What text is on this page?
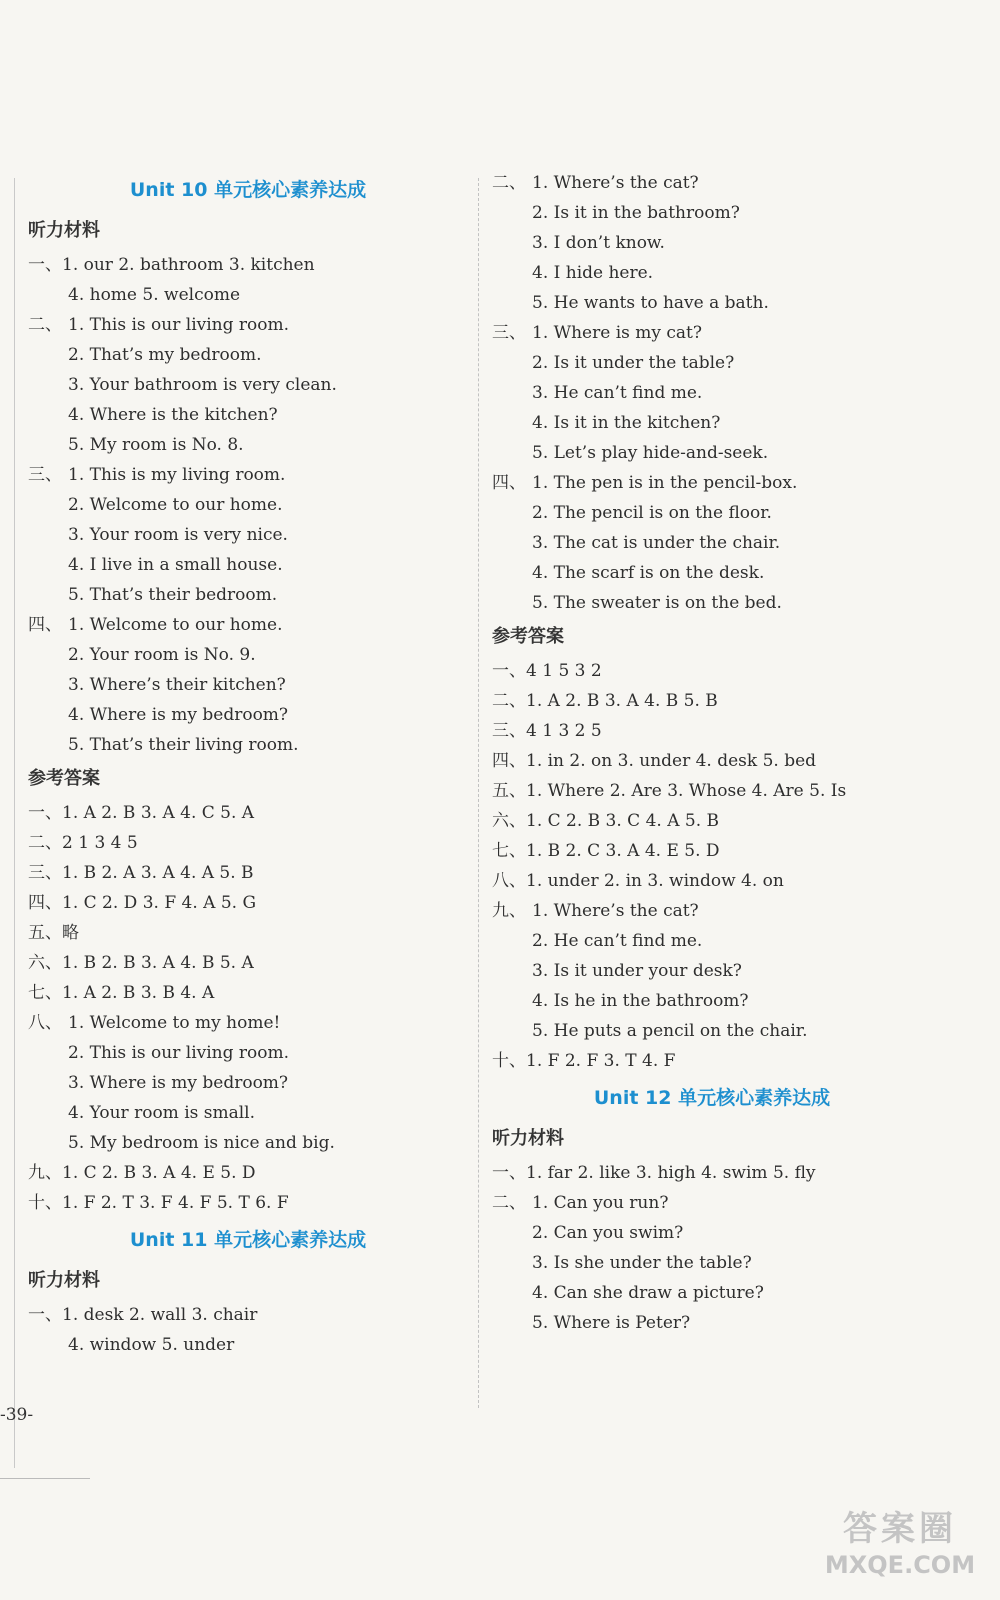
Unit 10 单元核心素养达成
听力材料
一、1. our 2. bathroom 3. kitchen
4. home 5. welcome
二、 1. This is our living room.
2. That’s my bedroom.
3. Your bathroom is very clean.
4. Where is the kitchen?
5. My room is No. 8.
三、 1. This is my living room.
2. Welcome to our home.
3. Your room is very nice.
4. I live in a small house.
5. That’s their bedroom.
四、 1. Welcome to our home.
2. Your room is No. 9.
3. Where’s their kitchen?
4. Where is my bedroom?
5. That’s their living room.
参考答案
一、1. A 2. B 3. A 4. C 5. A
二、2 1 3 4 5
三、1. B 2. A 3. A 4. A 5. B
四、1. C 2. D 3. F 4. A 5. G
五、略
六、1. B 2. B 3. A 4. B 5. A
七、1. A 2. B 3. B 4. A
八、 1. Welcome to my home!
2. This is our living room.
3. Where is my bedroom?
4. Your room is small.
5. My bedroom is nice and big.
九、1. C 2. B 3. A 4. E 5. D
十、1. F 2. T 3. F 4. F 5. T 6. F
Unit 11 单元核心素养达成
听力材料
一、1. desk 2. wall 3. chair
4. window 5. under
二、 1. Where’s the cat?
2. Is it in the bathroom?
3. I don’t know.
4. I hide here.
5. He wants to have a bath.
三、 1. Where is my cat?
2. Is it under the table?
3. He can’t find me.
4. Is it in the kitchen?
5. Let’s play hide-and-seek.
四、 1. The pen is in the pencil-box.
2. The pencil is on the floor.
3. The cat is under the chair.
4. The scarf is on the desk.
5. The sweater is on the bed.
参考答案
一、4 1 5 3 2
二、1. A 2. B 3. A 4. B 5. B
三、4 1 3 2 5
四、1. in 2. on 3. under 4. desk 5. bed
五、1. Where 2. Are 3. Whose 4. Are 5. Is
六、1. C 2. B 3. C 4. A 5. B
七、1. B 2. C 3. A 4. E 5. D
八、1. under 2. in 3. window 4. on
九、 1. Where’s the cat?
2. He can’t find me.
3. Is it under your desk?
4. Is he in the bathroom?
5. He puts a pencil on the chair.
十、1. F 2. F 3. T 4. F
Unit 12 单元核心素养达成
听力材料
一、1. far 2. like 3. high 4. swim 5. fly
二、 1. Can you run?
2. Can you swim?
3. Is she under the table?
4. Can she draw a picture?
5. Where is Peter?
-39-
答案圈
MXQE.COM
